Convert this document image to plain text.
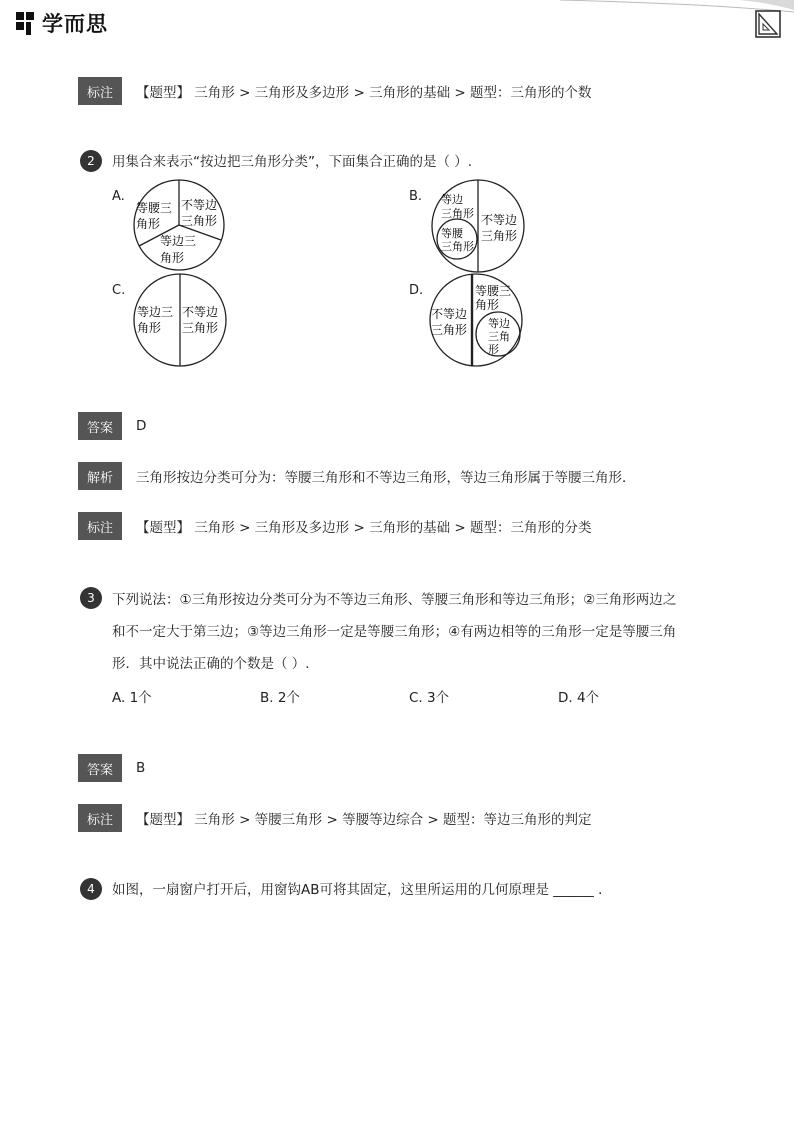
学而思
标注	【题型】 三角形 > 三角形及多边形 > 三角形的基础 > 题型：三角形的个数
2	用集合来表示“按边把三角形分类”，下面集合正确的是（ ）.
A.	B.
C.	D.
等腰三
角形
不等边
三角形
等边三
角形
等边
三角形
等腰
三角形
不等边
三角形
等边三
角形
不等边
三角形
不等边
三角形
等腰三
角形
等边
三角
形
答案	D
解析	三角形按边分类可分为：等腰三角形和不等边三角形，等边三角形属于等腰三角形．
标注	【题型】 三角形 > 三角形及多边形 > 三角形的基础 > 题型：三角形的分类
3	下列说法：①三角形按边分类可分为不等边三角形、等腰三角形和等边三角形；②三角形两边之
和不一定大于第三边；③等边三角形一定是等腰三角形；④有两边相等的三角形一定是等腰三角
形．其中说法正确的个数是（ ）.
A. 1个	B. 2个	C. 3个	D. 4个
答案	B
标注	【题型】 三角形 > 等腰三角形 > 等腰等边综合 > 题型：等边三角形的判定
4	如图，一扇窗户打开后，用窗钩AB可将其固定，这里所运用的几何原理是 ______ ．
